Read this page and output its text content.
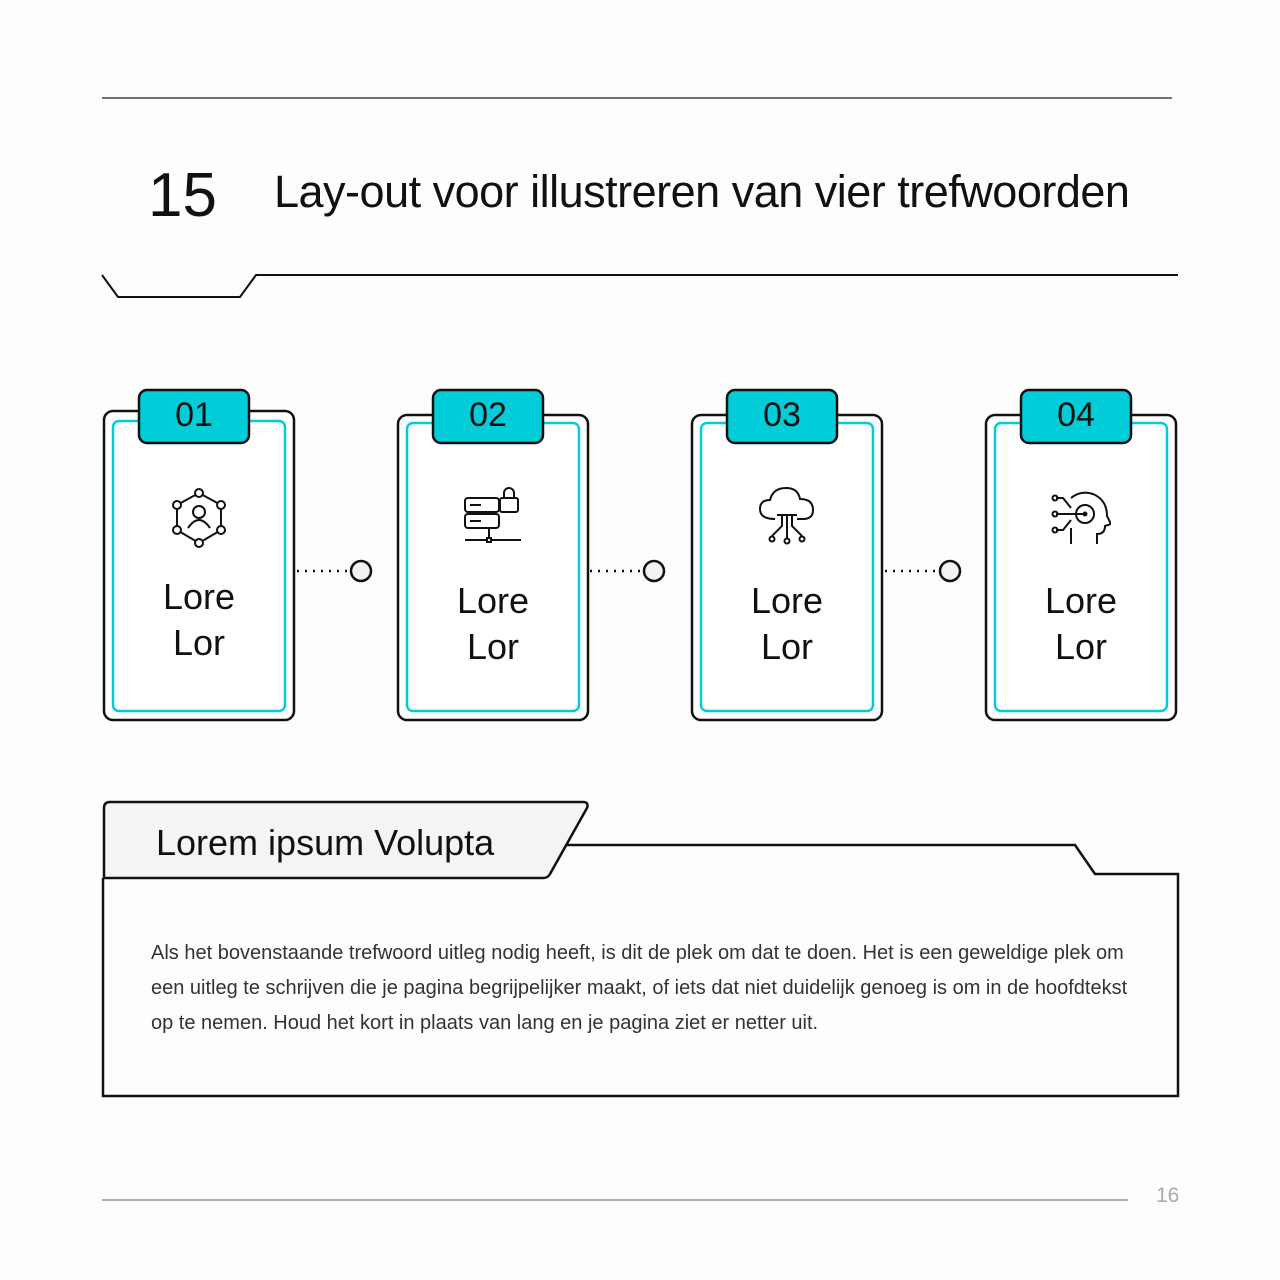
15 Lay-out voor illustreren van vier trefwoorden
01
Lore
Lor
02
Lore
Lor
03
Lore
Lor
04
Lore
Lor
Lorem ipsum Volupta
Als het bovenstaande trefwoord uitleg nodig heeft, is dit de plek om dat te doen. Het is een geweldige plek om een uitleg te schrijven die je pagina begrijpelijker maakt, of iets dat niet duidelijk genoeg is om in de hoofdtekst op te nemen. Houd het kort in plaats van lang en je pagina ziet er netter uit.
16
